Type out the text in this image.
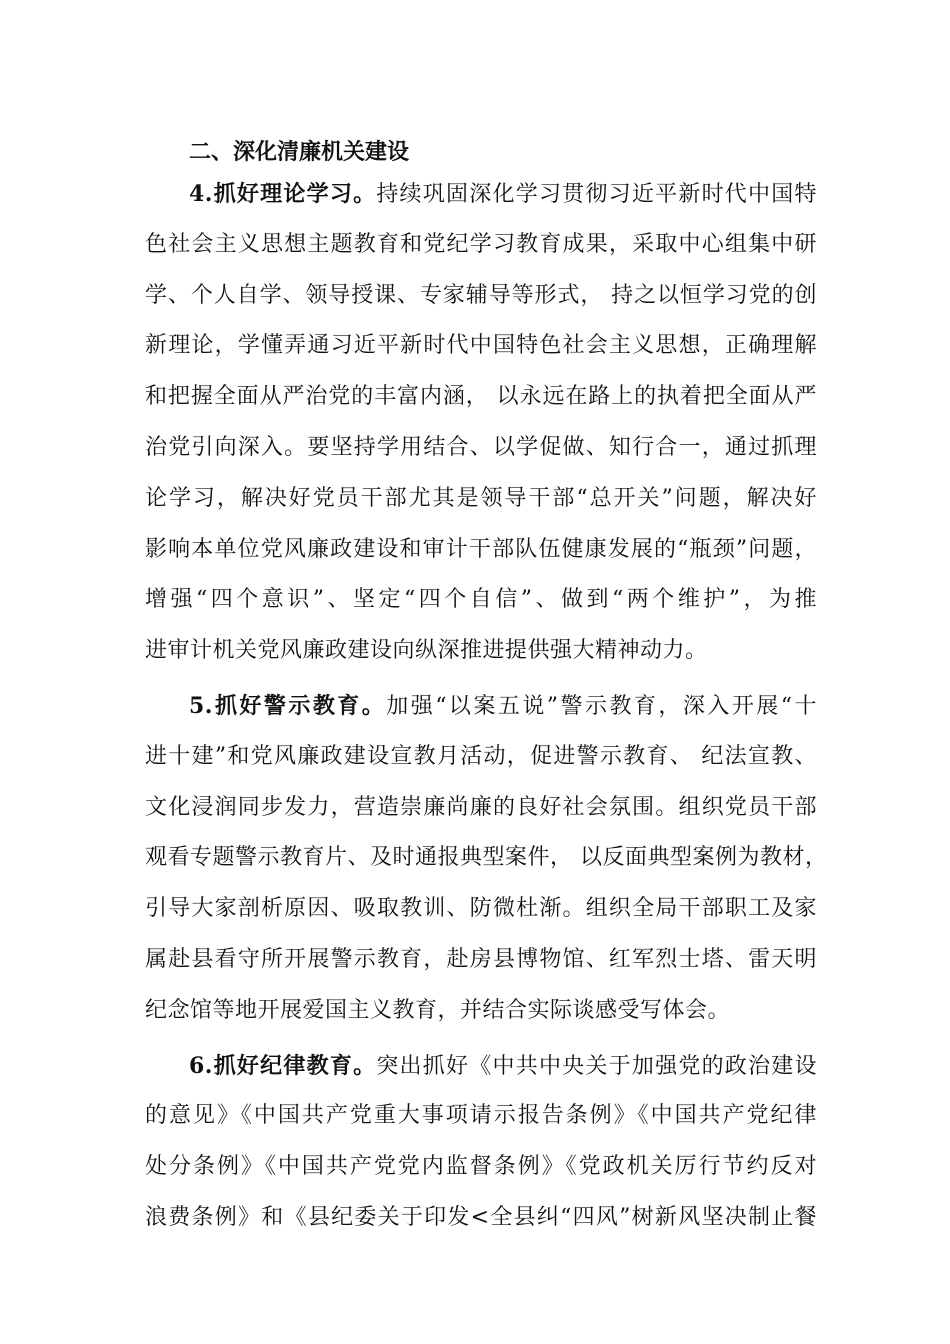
二、深化清廉机关建设
4.抓好理论学习。持续巩固深化学习贯彻习近平新时代中国特
色社会主义思想主题教育和党纪学习教育成果，采取中心组集中研
学、个人自学、领导授课、专家辅导等形式， 持之以恒学习党的创
新理论，学懂弄通习近平新时代中国特色社会主义思想，正确理解
和把握全面从严治党的丰富内涵， 以永远在路上的执着把全面从严
治党引向深入。要坚持学用结合、以学促做、知行合一，通过抓理
论学习，解决好党员干部尤其是领导干部“总开关”问题，解决好
影响本单位党风廉政建设和审计干部队伍健康发展的“瓶颈”问题，
增强“四个意识”、坚定“四个自信”、做到“两个维护”，为推
进审计机关党风廉政建设向纵深推进提供强大精神动力。
5.抓好警示教育。加强“以案五说”警示教育，深入开展“十
进十建”和党风廉政建设宣教月活动，促进警示教育、 纪法宣教、
文化浸润同步发力，营造崇廉尚廉的良好社会氛围。组织党员干部
观看专题警示教育片、及时通报典型案件， 以反面典型案例为教材，
引导大家剖析原因、吸取教训、防微杜渐。组织全局干部职工及家
属赴县看守所开展警示教育，赴房县博物馆、红军烈士塔、雷天明
纪念馆等地开展爱国主义教育，并结合实际谈感受写体会。
6.抓好纪律教育。突出抓好《中共中央关于加强党的政治建设
的意见》《中国共产党重大事项请示报告条例》《中国共产党纪律
处分条例》《中国共产党党内监督条例》《党政机关厉行节约反对
浪费条例》和《县纪委关于印发<全县纠“四风”树新风坚决制止餐
